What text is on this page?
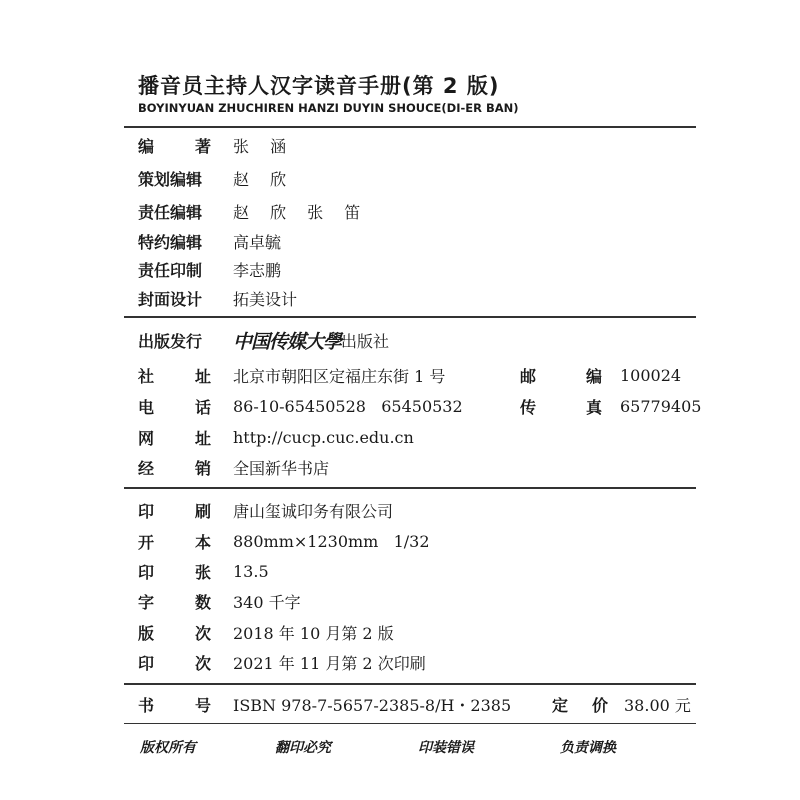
播音员主持人汉字读音手册(第 2 版)
BOYINYUAN ZHUCHIREN HANZI DUYIN SHOUCE(DI-ER BAN)
编	著 张 涵
策划编辑	赵 欣
责任编辑	赵 欣 张 笛
特约编辑	高卓毓
责任印制	李志鹏
封面设计	拓美设计
出版发行	中国传媒大學 出版社
社	址 北京市朝阳区定福庄东街 1 号	邮	编 100024
电	话 86-10-65450528   65450532	传	真 65779405
网	址 http://cucp.cuc.edu.cn
经	销 全国新华书店
印	刷 唐山玺诚印务有限公司
开	本 880mm×1230mm   1/32
印	张 13.5
字	数 340 千字
版	次 2018 年 10 月第 2 版
印	次 2021 年 11 月第 2 次印刷
书	号 ISBN 978-7-5657-2385-8/H・2385	定 价 38.00 元
版权所有	翻印必究	印装错误	负责调换
